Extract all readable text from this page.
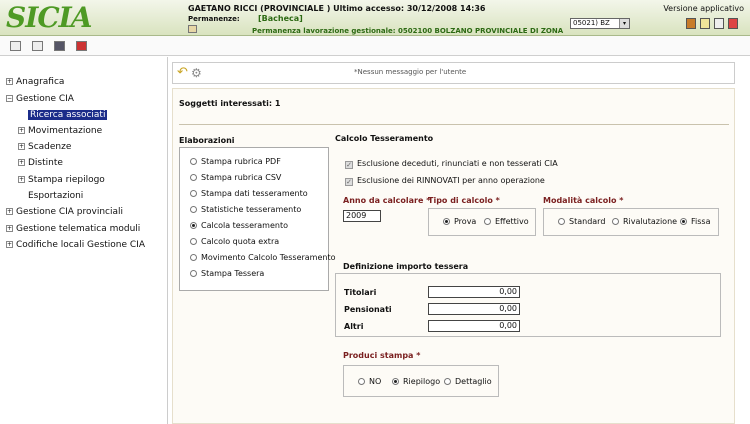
SICIA	GAETANO RICCI (PROVINCIALE ) Ultimo accesso: 30/12/2008 14:36
Permanenze: [Bacheca]
Permanenza lavorazione gestionale: 0502100 BOLZANO PROVINCIALE DI ZONA
05021) BZ	▾
Versione applicativo
+ Anagrafica
− Gestione CIA
Ricerca associati
+ Movimentazione
+ Scadenze
+ Distinte
+ Stampa riepilogo
Esportazioni
+ Gestione CIA provinciali
+ Gestione telematica moduli
+ Codifiche locali Gestione CIA
↶ ⚙	*Nessun messaggio per l'utente
Soggetti interessati: 1
Elaborazioni
Stampa rubrica PDF
Stampa rubrica CSV
Stampa dati tesseramento
Statistiche tesseramento
Calcola tesseramento
Calcolo quota extra
Movimento Calcolo Tesseramento
Stampa Tessera
Calcolo Tesseramento
✓ Esclusione deceduti, rinunciati e non tesserati CIA
✓ Esclusione dei RINNOVATI per anno operazione
Anno da calcolare *
2009
Tipo di calcolo *
Prova	Effettivo
Modalità calcolo *
Standard	Rivalutazione	Fissa
Definizione importo tessera
Titolari	0,00
Pensionati	0,00
Altri	0,00
Produci stampa *
NO	Riepilogo	Dettaglio
